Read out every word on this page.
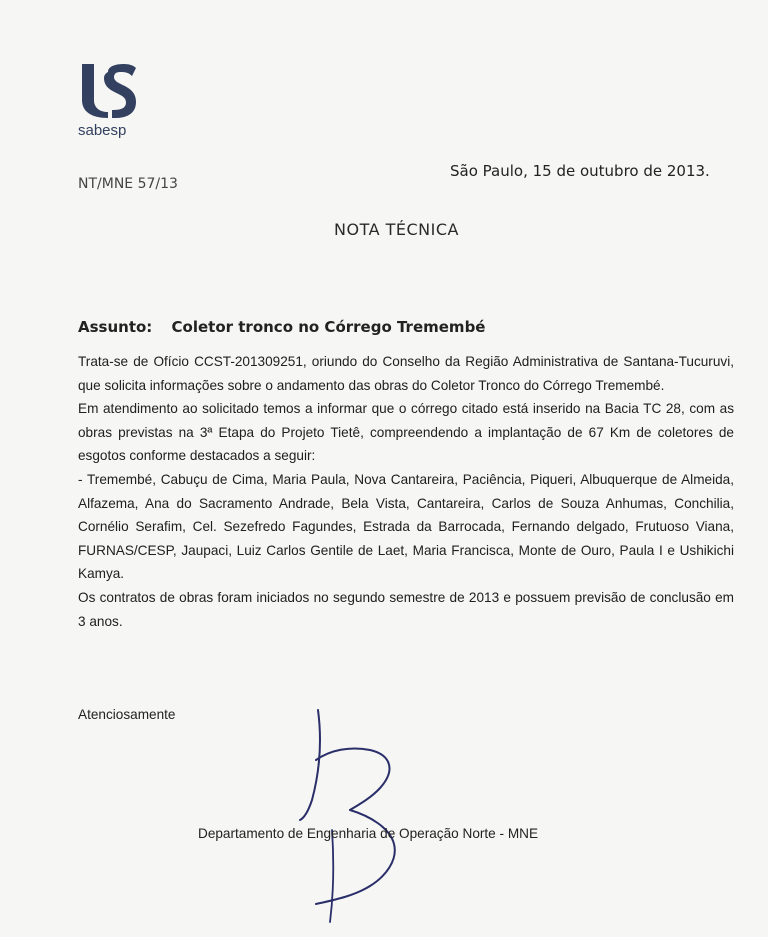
sabesp
NT/MNE 57/13
São Paulo, 15 de outubro de 2013.
NOTA TÉCNICA
Assunto: Coletor tronco no Córrego Tremembé

Trata-se de Ofício CCST-201309251, oriundo do Conselho da Região Administrativa de Santana-Tucuruvi, que solicita informações sobre o andamento das obras do Coletor Tronco do Córrego Tremembé.

Em atendimento ao solicitado temos a informar que o córrego citado está inserido na Bacia TC 28, com as obras previstas na 3ª Etapa do Projeto Tietê, compreendendo a implantação de 67 Km de coletores de esgotos conforme destacados a seguir:

- Tremembé, Cabuçu de Cima, Maria Paula, Nova Cantareira, Paciência, Piqueri, Albuquerque de Almeida, Alfazema, Ana do Sacramento Andrade, Bela Vista, Cantareira, Carlos de Souza Anhumas, Conchilia, Cornélio Serafim, Cel. Sezefredo Fagundes, Estrada da Barrocada, Fernando delgado, Frutuoso Viana, FURNAS/CESP, Jaupaci, Luiz Carlos Gentile de Laet, Maria Francisca, Monte de Ouro, Paula I e Ushikichi Kamya.

Os contratos de obras foram iniciados no segundo semestre de 2013 e possuem previsão de conclusão em 3 anos.

Atenciosamente
Departamento de Engenharia de Operação Norte - MNE
